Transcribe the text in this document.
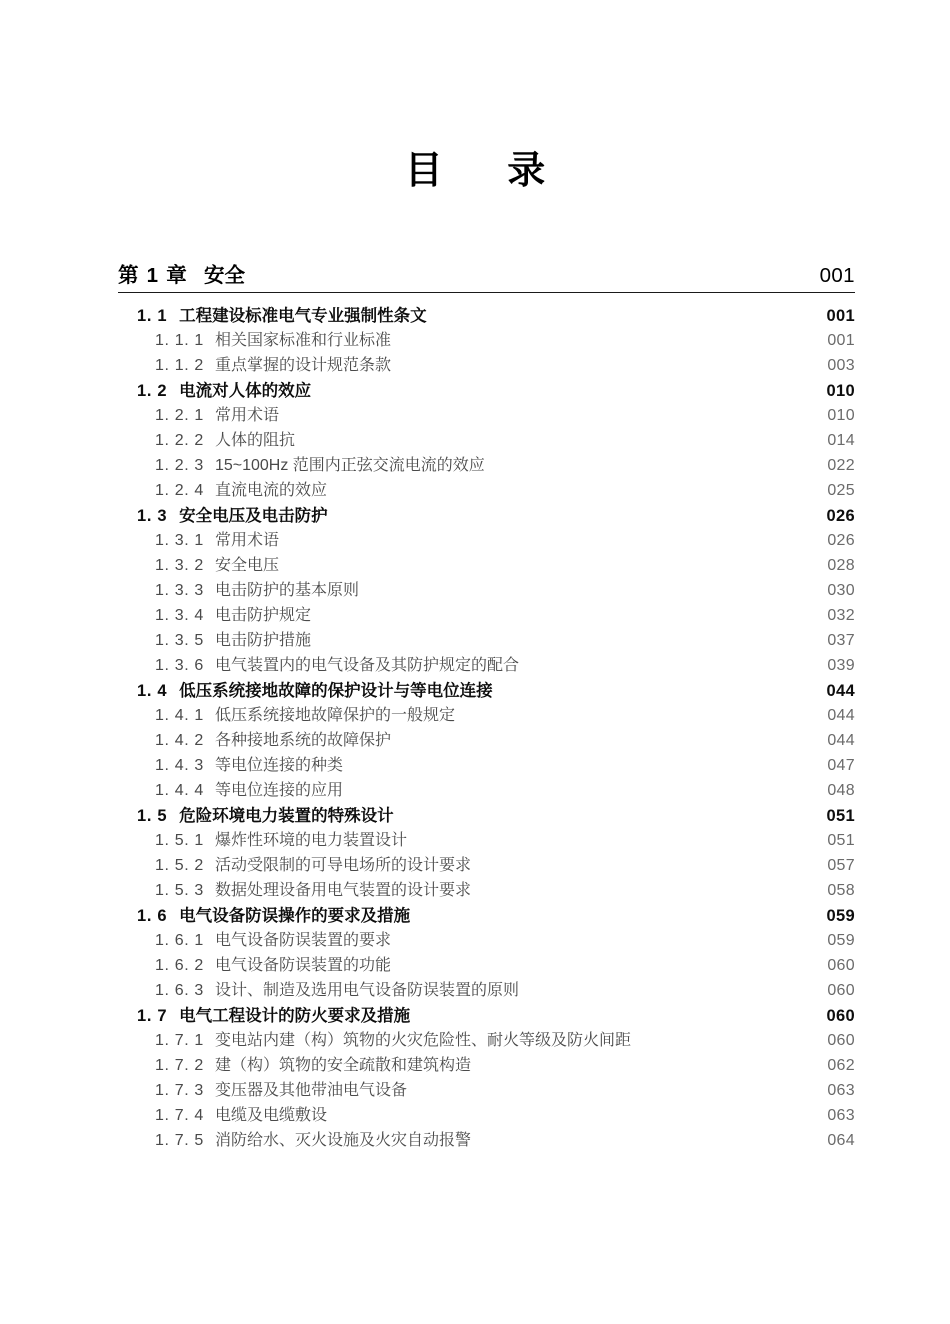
目　录
第 1 章 安全	001
1. 1 工程建设标准电气专业强制性条文	001
1. 1. 1 相关国家标准和行业标准	001
1. 1. 2 重点掌握的设计规范条款	003
1. 2 电流对人体的效应	010
1. 2. 1 常用术语	010
1. 2. 2 人体的阻抗	014
1. 2. 3 15~100Hz 范围内正弦交流电流的效应	022
1. 2. 4 直流电流的效应	025
1. 3 安全电压及电击防护	026
1. 3. 1 常用术语	026
1. 3. 2 安全电压	028
1. 3. 3 电击防护的基本原则	030
1. 3. 4 电击防护规定	032
1. 3. 5 电击防护措施	037
1. 3. 6 电气装置内的电气设备及其防护规定的配合	039
1. 4 低压系统接地故障的保护设计与等电位连接	044
1. 4. 1 低压系统接地故障保护的一般规定	044
1. 4. 2 各种接地系统的故障保护	044
1. 4. 3 等电位连接的种类	047
1. 4. 4 等电位连接的应用	048
1. 5 危险环境电力装置的特殊设计	051
1. 5. 1 爆炸性环境的电力装置设计	051
1. 5. 2 活动受限制的可导电场所的设计要求	057
1. 5. 3 数据处理设备用电气装置的设计要求	058
1. 6 电气设备防误操作的要求及措施	059
1. 6. 1 电气设备防误装置的要求	059
1. 6. 2 电气设备防误装置的功能	060
1. 6. 3 设计、制造及选用电气设备防误装置的原则	060
1. 7 电气工程设计的防火要求及措施	060
1. 7. 1 变电站内建（构）筑物的火灾危险性、耐火等级及防火间距	060
1. 7. 2 建（构）筑物的安全疏散和建筑构造	062
1. 7. 3 变压器及其他带油电气设备	063
1. 7. 4 电缆及电缆敷设	063
1. 7. 5 消防给水、灭火设施及火灾自动报警	064
